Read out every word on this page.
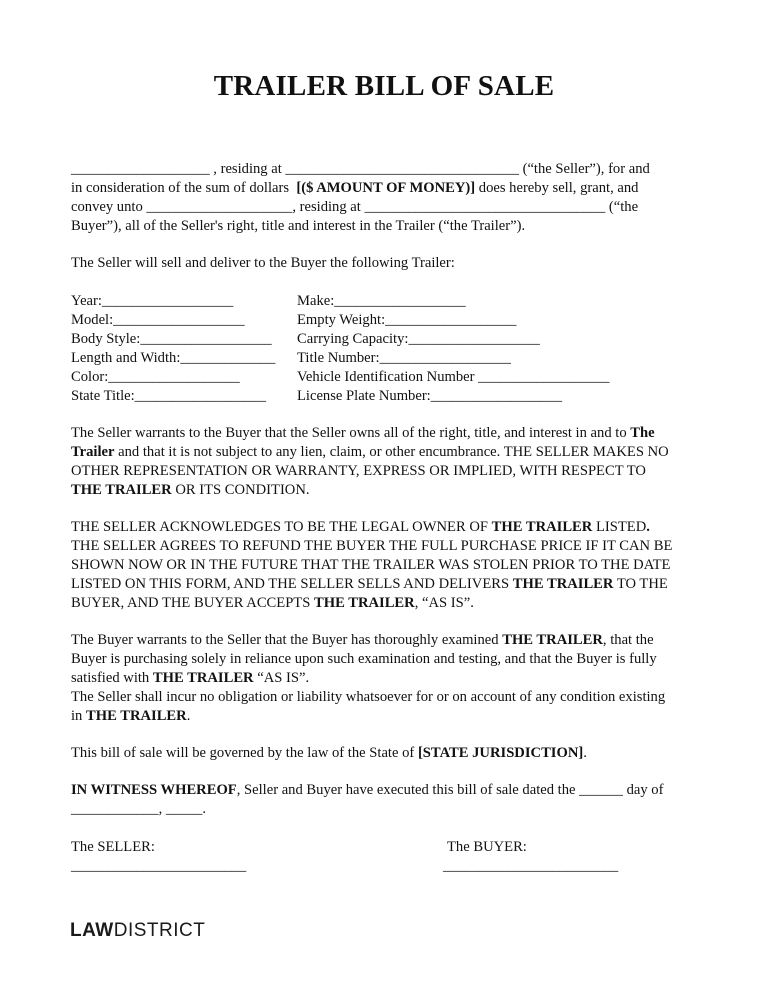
TRAILER BILL OF SALE
___________________ , residing at ________________________________ (“the Seller”), for and
in consideration of the sum of dollars  [($ AMOUNT OF MONEY)] does hereby sell, grant, and
convey unto ____________________, residing at _________________________________ (“the
Buyer”), all of the Seller's right, title and interest in the Trailer (“the Trailer”).
The Seller will sell and deliver to the Buyer the following Trailer:
Year:__________________
Model:__________________
Body Style:__________________
Length and Width:_____________
Color:__________________
State Title:__________________
Make:__________________
Empty Weight:__________________
Carrying Capacity:__________________
Title Number:__________________
Vehicle Identification Number __________________
License Plate Number:__________________
The Seller warrants to the Buyer that the Seller owns all of the right, title, and interest in and to The
Trailer and that it is not subject to any lien, claim, or other encumbrance. THE SELLER MAKES NO
OTHER REPRESENTATION OR WARRANTY, EXPRESS OR IMPLIED, WITH RESPECT TO
THE TRAILER OR ITS CONDITION.
THE SELLER ACKNOWLEDGES TO BE THE LEGAL OWNER OF THE TRAILER LISTED.
THE SELLER AGREES TO REFUND THE BUYER THE FULL PURCHASE PRICE IF IT CAN BE
SHOWN NOW OR IN THE FUTURE THAT THE TRAILER WAS STOLEN PRIOR TO THE DATE
LISTED ON THIS FORM, AND THE SELLER SELLS AND DELIVERS THE TRAILER TO THE
BUYER, AND THE BUYER ACCEPTS THE TRAILER, “AS IS”.
The Buyer warrants to the Seller that the Buyer has thoroughly examined THE TRAILER, that the
Buyer is purchasing solely in reliance upon such examination and testing, and that the Buyer is fully
satisfied with THE TRAILER “AS IS”.
The Seller shall incur no obligation or liability whatsoever for or on account of any condition existing
in THE TRAILER.
This bill of sale will be governed by the law of the State of [STATE JURISDICTION].
IN WITNESS WHEREOF, Seller and Buyer have executed this bill of sale dated the ______ day of
____________, _____.
The SELLER:	The BUYER:
________________________	________________________
LAWDISTRICT
